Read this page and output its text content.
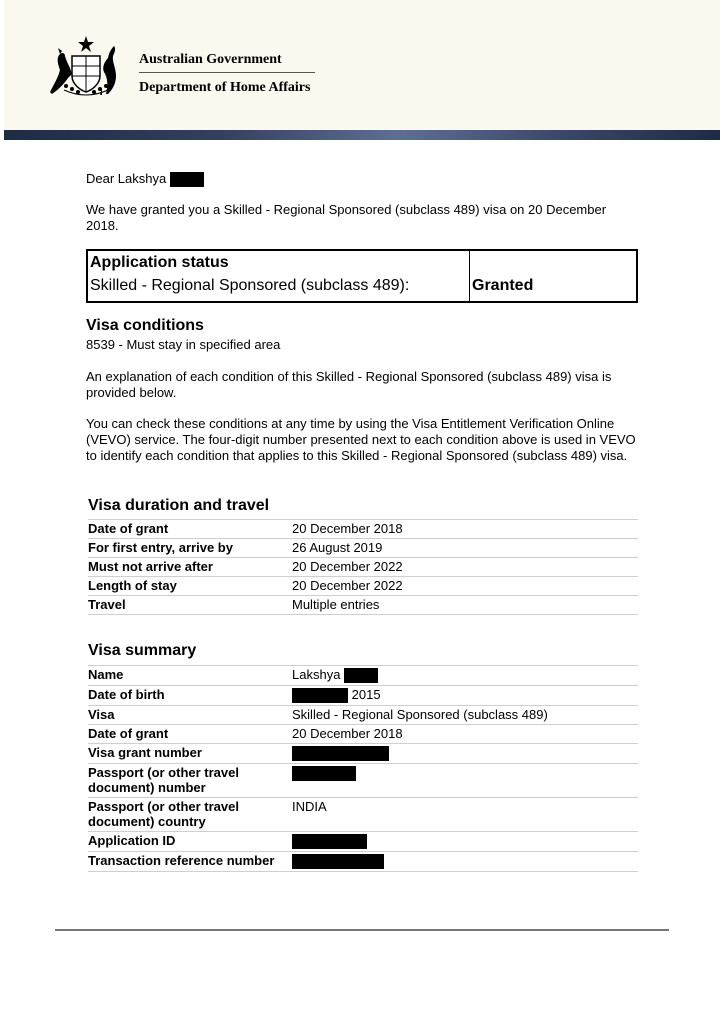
Australian Government
Department of Home Affairs

Dear Lakshya

We have granted you a Skilled - Regional Sponsored (subclass 489) visa on 20 December 2018.

Application status
Skilled - Regional Sponsored (subclass 489):	Granted
Visa conditions

8539 - Must stay in specified area

An explanation of each condition of this Skilled - Regional Sponsored (subclass 489) visa is provided below.

You can check these conditions at any time by using the Visa Entitlement Verification Online (VEVO) service. The four-digit number presented next to each condition above is used in VEVO to identify each condition that applies to this Skilled - Regional Sponsored (subclass 489) visa.

Visa duration and travel
Date of grant	20 December 2018
For first entry, arrive by	26 August 2019
Must not arrive after	20 December 2022
Length of stay	20 December 2022
Travel	Multiple entries
Visa summary
Name	Lakshya
Date of birth	2015
Visa	Skilled - Regional Sponsored (subclass 489)
Date of grant	20 December 2018
Visa grant number	
Passport (or other travel document) number	
Passport (or other travel document) country	INDIA
Application ID	
Transaction reference number	
